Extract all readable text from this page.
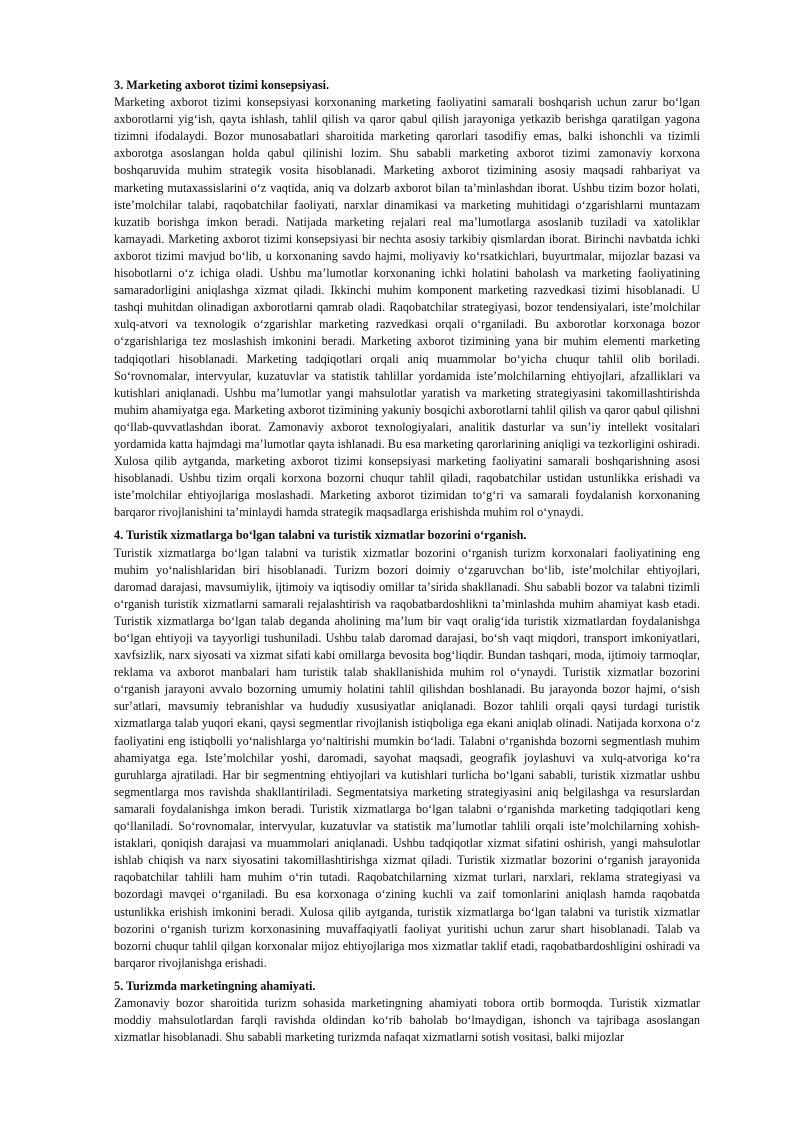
3. Marketing axborot tizimi konsepsiyasi.

Marketing axborot tizimi konsepsiyasi korxonaning marketing faoliyatini samarali boshqarish uchun zarur boʻlgan axborotlarni yigʻish, qayta ishlash, tahlil qilish va qaror qabul qilish jarayoniga yetkazib berishga qaratilgan yagona tizimni ifodalaydi. Bozor munosabatlari sharoitida marketing qarorlari tasodifiy emas, balki ishonchli va tizimli axborotga asoslangan holda qabul qilinishi lozim. Shu sababli marketing axborot tizimi zamonaviy korxona boshqaruvida muhim strategik vosita hisoblanadi. Marketing axborot tizimining asosiy maqsadi rahbariyat va marketing mutaxassislarini oʻz vaqtida, aniq va dolzarb axborot bilan taʼminlashdan iborat. Ushbu tizim bozor holati, isteʼmolchilar talabi, raqobatchilar faoliyati, narxlar dinamikasi va marketing muhitidagi oʻzgarishlarni muntazam kuzatib borishga imkon beradi. Natijada marketing rejalari real maʼlumotlarga asoslanib tuziladi va xatoliklar kamayadi. Marketing axborot tizimi konsepsiyasi bir nechta asosiy tarkibiy qismlardan iborat. Birinchi navbatda ichki axborot tizimi mavjud boʻlib, u korxonaning savdo hajmi, moliyaviy koʻrsatkichlari, buyurtmalar, mijozlar bazasi va hisobotlarni oʻz ichiga oladi. Ushbu maʼlumotlar korxonaning ichki holatini baholash va marketing faoliyatining samaradorligini aniqlashga xizmat qiladi. Ikkinchi muhim komponent marketing razvedkasi tizimi hisoblanadi. U tashqi muhitdan olinadigan axborotlarni qamrab oladi. Raqobatchilar strategiyasi, bozor tendensiyalari, isteʼmolchilar xulq-atvori va texnologik oʻzgarishlar marketing razvedkasi orqali oʻrganiladi. Bu axborotlar korxonaga bozor oʻzgarishlariga tez moslashish imkonini beradi. Marketing axborot tizimining yana bir muhim elementi marketing tadqiqotlari hisoblanadi. Marketing tadqiqotlari orqali aniq muammolar boʻyicha chuqur tahlil olib boriladi. Soʻrovnomalar, intervyular, kuzatuvlar va statistik tahlillar yordamida isteʼmolchilarning ehtiyojlari, afzalliklari va kutishlari aniqlanadi. Ushbu maʼlumotlar yangi mahsulotlar yaratish va marketing strategiyasini takomillashtirishda muhim ahamiyatga ega. Marketing axborot tizimining yakuniy bosqichi axborotlarni tahlil qilish va qaror qabul qilishni qoʻllab-quvvatlashdan iborat. Zamonaviy axborot texnologiyalari, analitik dasturlar va sunʼiy intellekt vositalari yordamida katta hajmdagi maʼlumotlar qayta ishlanadi. Bu esa marketing qarorlarining aniqligi va tezkorligini oshiradi. Xulosa qilib aytganda, marketing axborot tizimi konsepsiyasi marketing faoliyatini samarali boshqarishning asosi hisoblanadi. Ushbu tizim orqali korxona bozorni chuqur tahlil qiladi, raqobatchilar ustidan ustunlikka erishadi va isteʼmolchilar ehtiyojlariga moslashadi. Marketing axborot tizimidan toʻgʻri va samarali foydalanish korxonaning barqaror rivojlanishini taʼminlaydi hamda strategik maqsadlarga erishishda muhim rol oʻynaydi.

4. Turistik xizmatlarga boʻlgan talabni va turistik xizmatlar bozorini oʻrganish.

Turistik xizmatlarga boʻlgan talabni va turistik xizmatlar bozorini oʻrganish turizm korxonalari faoliyatining eng muhim yoʻnalishlaridan biri hisoblanadi. Turizm bozori doimiy oʻzgaruvchan boʻlib, isteʼmolchilar ehtiyojlari, daromad darajasi, mavsumiylik, ijtimoiy va iqtisodiy omillar taʼsirida shakllanadi. Shu sababli bozor va talabni tizimli oʻrganish turistik xizmatlarni samarali rejalashtirish va raqobatbardoshlikni taʼminlashda muhim ahamiyat kasb etadi. Turistik xizmatlarga boʻlgan talab deganda aholining maʼlum bir vaqt oraligʻida turistik xizmatlardan foydalanishga boʻlgan ehtiyoji va tayyorligi tushuniladi. Ushbu talab daromad darajasi, boʻsh vaqt miqdori, transport imkoniyatlari, xavfsizlik, narx siyosati va xizmat sifati kabi omillarga bevosita bogʻliqdir. Bundan tashqari, moda, ijtimoiy tarmoqlar, reklama va axborot manbalari ham turistik talab shakllanishida muhim rol oʻynaydi. Turistik xizmatlar bozorini oʻrganish jarayoni avvalo bozorning umumiy holatini tahlil qilishdan boshlanadi. Bu jarayonda bozor hajmi, oʻsish surʼatlari, mavsumiy tebranishlar va hududiy xususiyatlar aniqlanadi. Bozor tahlili orqali qaysi turdagi turistik xizmatlarga talab yuqori ekani, qaysi segmentlar rivojlanish istiqboliga ega ekani aniqlab olinadi. Natijada korxona oʻz faoliyatini eng istiqbolli yoʻnalishlarga yoʻnaltirishi mumkin boʻladi. Talabni oʻrganishda bozorni segmentlash muhim ahamiyatga ega. Isteʼmolchilar yoshi, daromadi, sayohat maqsadi, geografik joylashuvi va xulq-atvoriga koʻra guruhlarga ajratiladi. Har bir segmentning ehtiyojlari va kutishlari turlicha boʻlgani sababli, turistik xizmatlar ushbu segmentlarga mos ravishda shakllantiriladi. Segmentatsiya marketing strategiyasini aniq belgilashga va resurslardan samarali foydalanishga imkon beradi. Turistik xizmatlarga boʻlgan talabni oʻrganishda marketing tadqiqotlari keng qoʻllaniladi. Soʻrovnomalar, intervyular, kuzatuvlar va statistik maʼlumotlar tahlili orqali isteʼmolchilarning xohish-istaklari, qoniqish darajasi va muammolari aniqlanadi. Ushbu tadqiqotlar xizmat sifatini oshirish, yangi mahsulotlar ishlab chiqish va narx siyosatini takomillashtirishga xizmat qiladi. Turistik xizmatlar bozorini oʻrganish jarayonida raqobatchilar tahlili ham muhim oʻrin tutadi. Raqobatchilarning xizmat turlari, narxlari, reklama strategiyasi va bozordagi mavqei oʻrganiladi. Bu esa korxonaga oʻzining kuchli va zaif tomonlarini aniqlash hamda raqobatda ustunlikka erishish imkonini beradi. Xulosa qilib aytganda, turistik xizmatlarga boʻlgan talabni va turistik xizmatlar bozorini oʻrganish turizm korxonasining muvaffaqiyatli faoliyat yuritishi uchun zarur shart hisoblanadi. Talab va bozorni chuqur tahlil qilgan korxonalar mijoz ehtiyojlariga mos xizmatlar taklif etadi, raqobatbardoshligini oshiradi va barqaror rivojlanishga erishadi.

5. Turizmda marketingning ahamiyati.

Zamonaviy bozor sharoitida turizm sohasida marketingning ahamiyati tobora ortib bormoqda. Turistik xizmatlar moddiy mahsulotlardan farqli ravishda oldindan koʻrib baholab boʻlmaydigan, ishonch va tajribaga asoslangan xizmatlar hisoblanadi. Shu sababli marketing turizmda nafaqat xizmatlarni sotish vositasi, balki mijozlar
